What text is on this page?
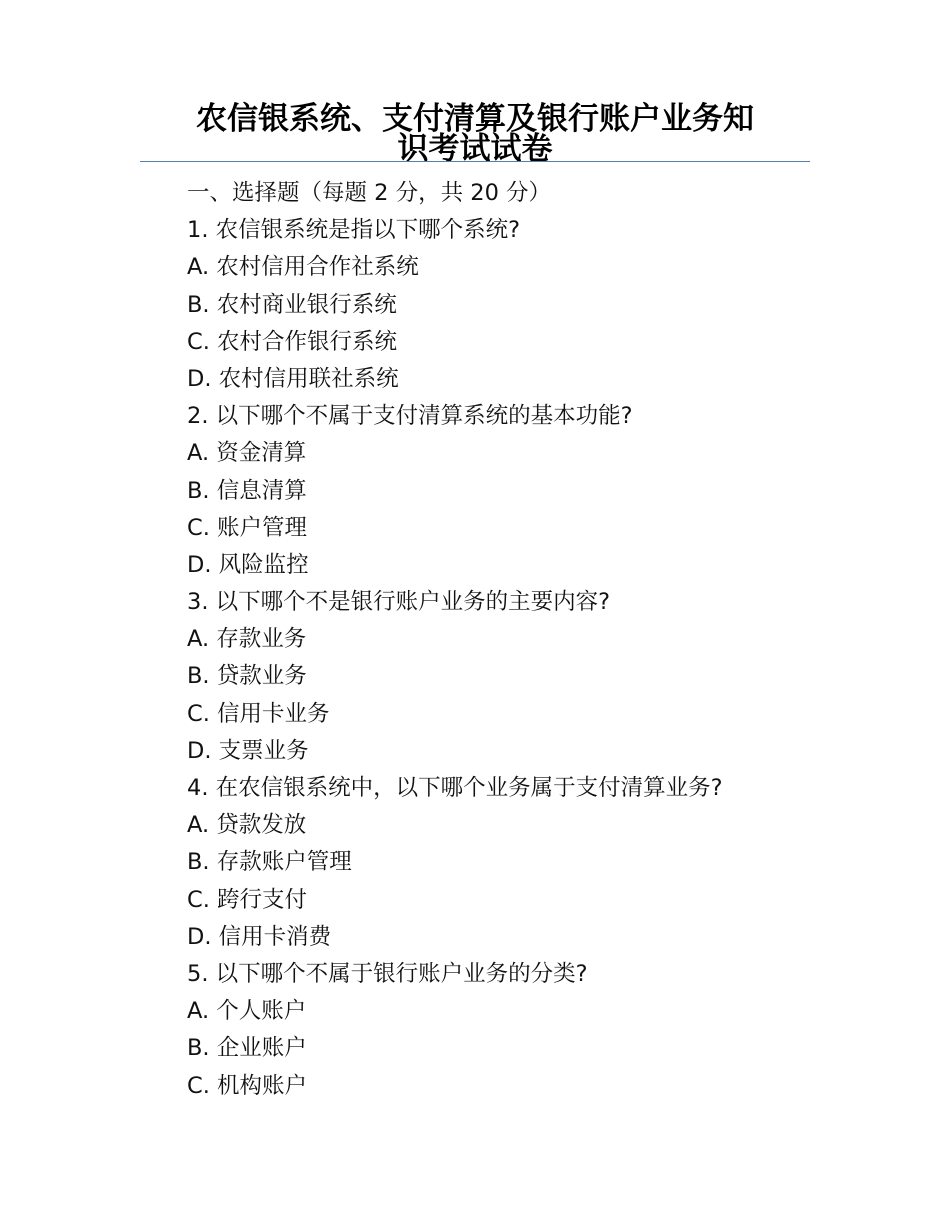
农信银系统、支付清算及银行账户业务知
识考试试卷
一、选择题（每题 2 分，共 20 分）
1. 农信银系统是指以下哪个系统?
A. 农村信用合作社系统
B. 农村商业银行系统
C. 农村合作银行系统
D. 农村信用联社系统
2. 以下哪个不属于支付清算系统的基本功能?
A. 资金清算
B. 信息清算
C. 账户管理
D. 风险监控
3. 以下哪个不是银行账户业务的主要内容?
A. 存款业务
B. 贷款业务
C. 信用卡业务
D. 支票业务
4. 在农信银系统中，以下哪个业务属于支付清算业务?
A. 贷款发放
B. 存款账户管理
C. 跨行支付
D. 信用卡消费
5. 以下哪个不属于银行账户业务的分类?
A. 个人账户
B. 企业账户
C. 机构账户
